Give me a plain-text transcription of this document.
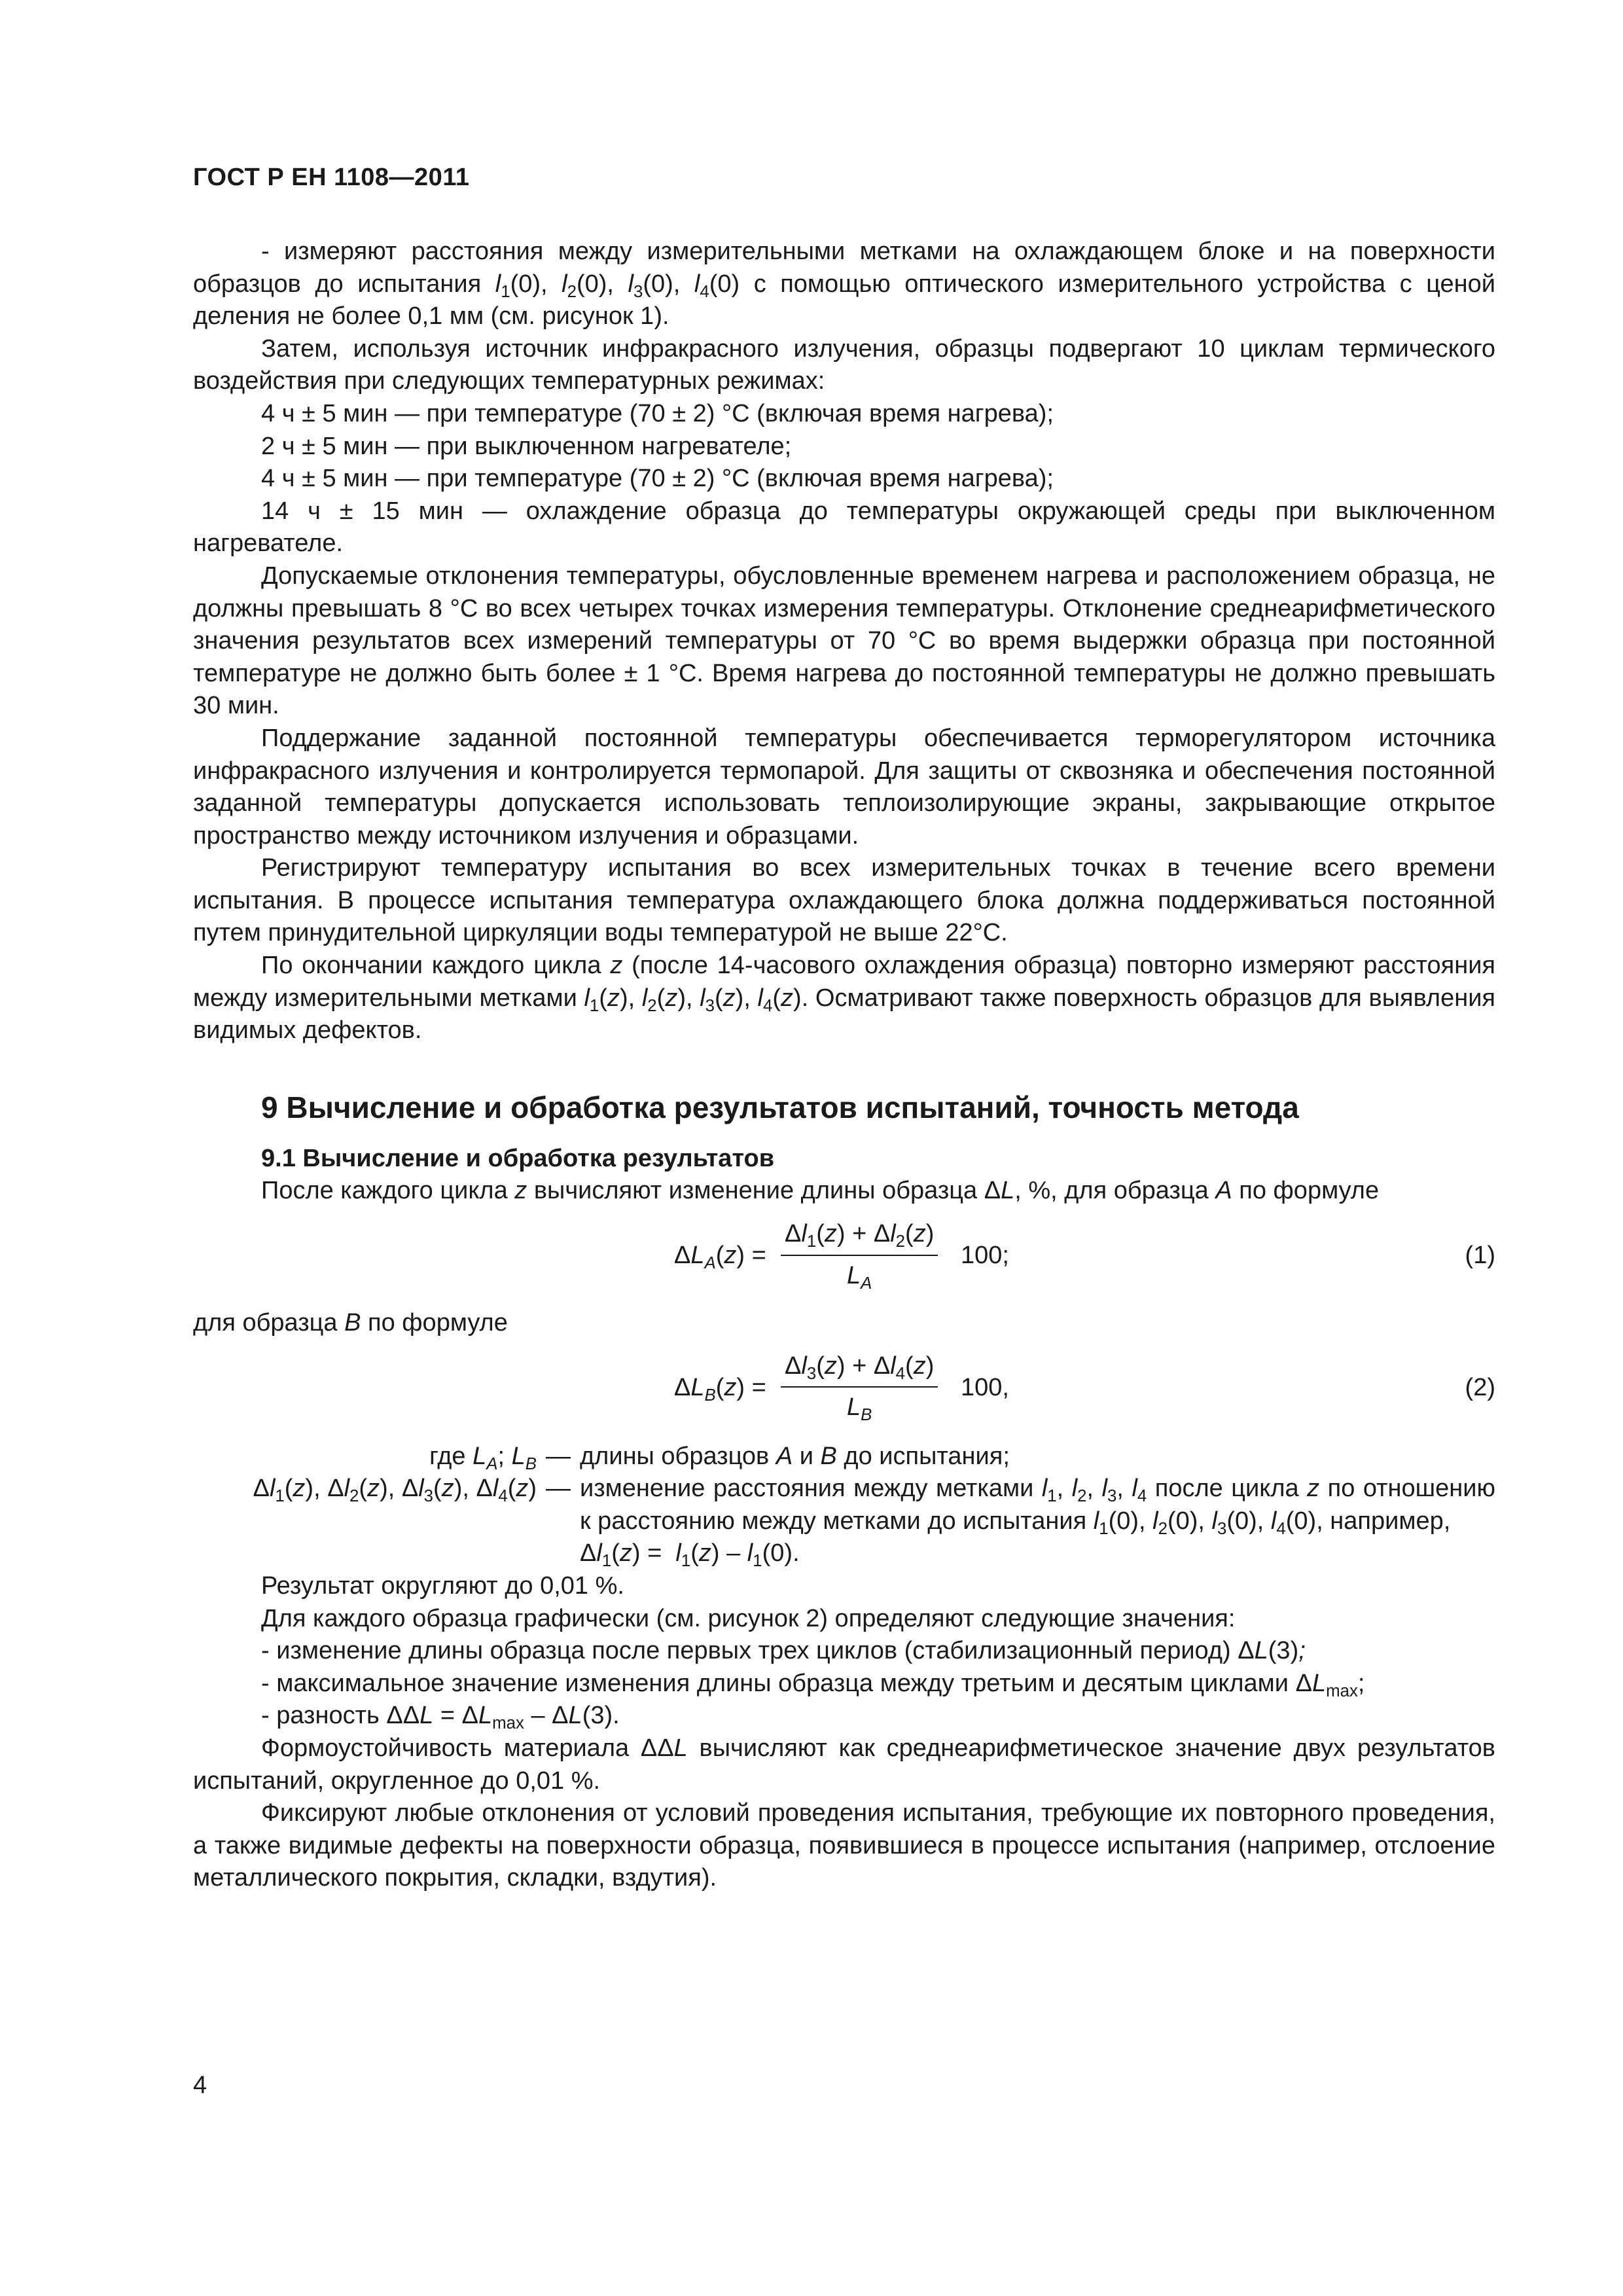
ГОСТ Р ЕН 1108—2011

- измеряют расстояния между измерительными метками на охлаждающем блоке и на поверхности образцов до испытания $l_1(0)$, $l_2(0)$, $l_3(0)$, $l_4(0)$ с помощью оптического измерительного устройства с ценой деления не более 0,1 мм (см. рисунок 1).

Затем, используя источник инфракрасного излучения, образцы подвергают 10 циклам термического воздействия при следующих температурных режимах:

4 ч ± 5 мин — при температуре (70 ± 2) °С (включая время нагрева);

2 ч ± 5 мин — при выключенном нагревателе;

4 ч ± 5 мин — при температуре (70 ± 2) °С (включая время нагрева);

14 ч ± 15 мин — охлаждение образца до температуры окружающей среды при выключенном нагревателе.

Допускаемые отклонения температуры, обусловленные временем нагрева и расположением образца, не должны превышать 8 °С во всех четырех точках измерения температуры. Отклонение среднеарифметического значения результатов всех измерений температуры от 70 °С во время выдержки образца при постоянной температуре не должно быть более ± 1 °С. Время нагрева до постоянной температуры не должно превышать 30 мин.

Поддержание заданной постоянной температуры обеспечивается терморегулятором источника инфракрасного излучения и контролируется термопарой. Для защиты от сквозняка и обеспечения постоянной заданной температуры допускается использовать теплоизолирующие экраны, закрывающие открытое пространство между источником излучения и образцами.

Регистрируют температуру испытания во всех измерительных точках в течение всего времени испытания. В процессе испытания температура охлаждающего блока должна поддерживаться постоянной путем принудительной циркуляции воды температурой не выше 22°С.

По окончании каждого цикла z (после 14-часового охлаждения образца) повторно измеряют расстояния между измерительными метками $l_1(z)$, $l_2(z)$, $l_3(z)$, $l_4(z)$. Осматривают также поверхность образцов для выявления видимых дефектов.

9 Вычисление и обработка результатов испытаний, точность метода
9.1 Вычисление и обработка результатов

После каждого цикла z вычисляют изменение длины образца ΔL, %, для образца A по формуле

$\Delta L_A(z) = \frac{\Delta l_1(z) + \Delta l_2(z)}{L_A} 100$;	(1)

для образца B по формуле

$\Delta L_B(z) = \frac{\Delta l_3(z) + \Delta l_4(z)}{L_B} 100$,	(2)
где $L_A$; $L_B$ — длины образцов A и B до испытания;
$\Delta l_1(z)$, $\Delta l_2(z)$, $\Delta l_3(z)$, $\Delta l_4(z)$ — изменение расстояния между метками $l_1$, $l_2$, $l_3$, $l_4$ после цикла z по отношению к расстоянию между метками до испытания $l_1(0)$, $l_2(0)$, $l_3(0)$, $l_4(0)$, например,
$\Delta l_1(z) = l_1(z) - l_1(0)$.

Результат округляют до 0,01 %.

Для каждого образца графически (см. рисунок 2) определяют следующие значения:

- изменение длины образца после первых трех циклов (стабилизационный период) ΔL(3);

- максимальное значение изменения длины образца между третьим и десятым циклами $\Delta L_{max}$;

- разность $\Delta\Delta L = \Delta L_{max} - \Delta L(3)$.

Формоустойчивость материала ΔΔL вычисляют как среднеарифметическое значение двух результатов испытаний, округленное до 0,01 %.

Фиксируют любые отклонения от условий проведения испытания, требующие их повторного проведения, а также видимые дефекты на поверхности образца, появившиеся в процессе испытания (например, отслоение металлического покрытия, складки, вздутия).

4
